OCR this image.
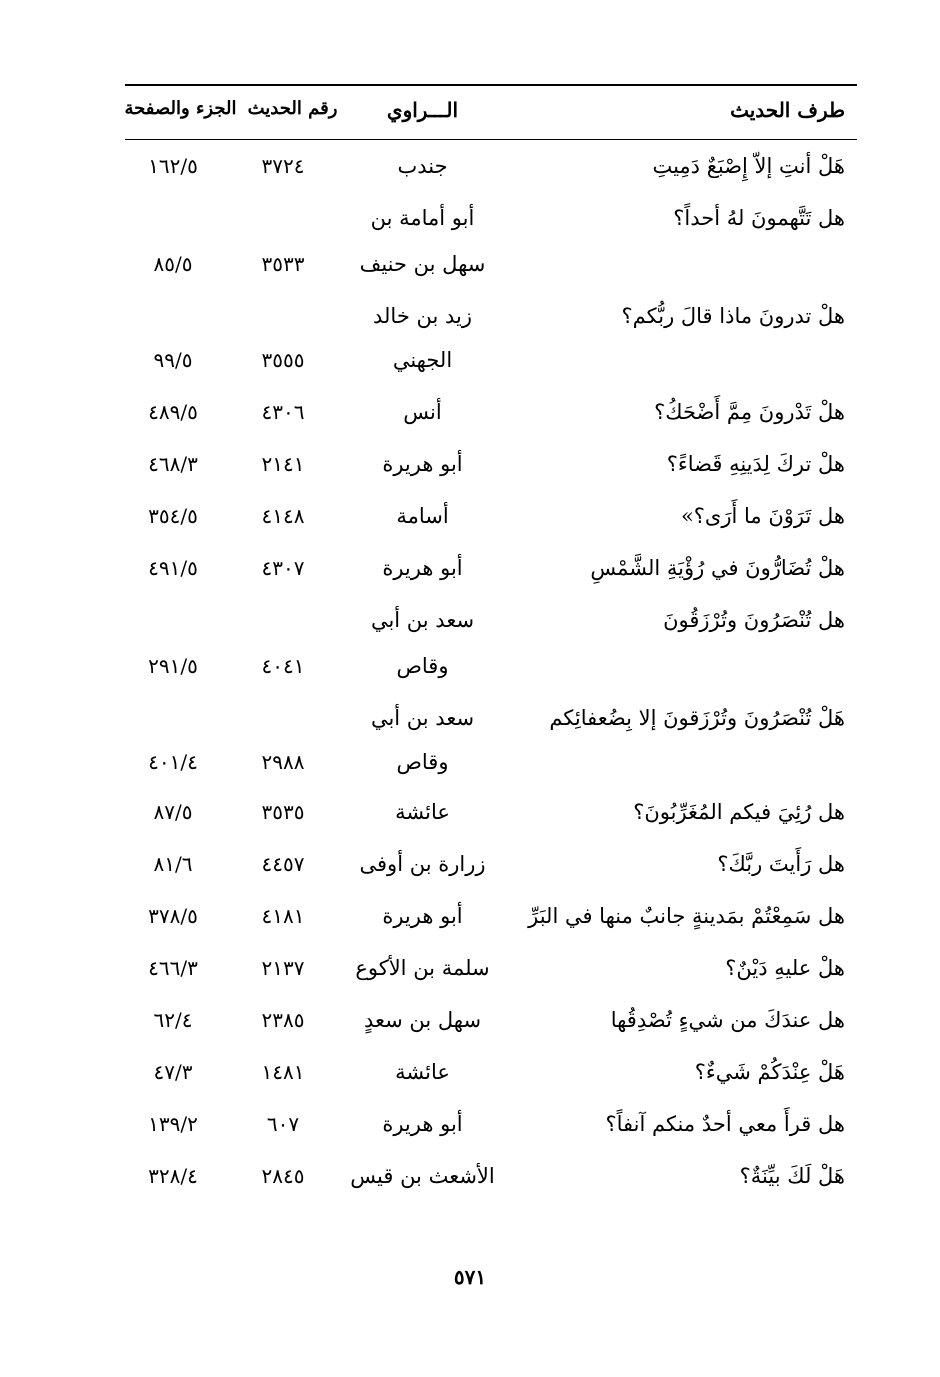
طرف الحديث
الـــراوي
رقم الحديث
الجزء والصفحة
هَلْ أنتِ إلاّ إِصْبَعٌ دَمِيتِ
جندب
٣٧٢٤
١٦٢/٥
هل تَتَّهمونَ لهُ أحداً؟
أبو أمامة بن
سهل بن حنيف
٣٥٣٣
٨٥/٥
هلْ تدرونَ ماذا قالَ ربُّكم؟
زيد بن خالد
الجهني
٣٥٥٥
٩٩/٥
هلْ تَدْرونَ مِمَّ أَضْحَكُ؟
أنس
٤٣٠٦
٤٨٩/٥
هلْ تركَ لِدَينِهِ قَضاءً؟
أبو هريرة
٢١٤١
٤٦٨/٣
هل تَرَوْنَ ما أَرَى؟»
أسامة
٤١٤٨
٣٥٤/٥
هلْ تُضَارُّونَ في رُؤْيَةِ الشَّمْسِ
أبو هريرة
٤٣٠٧
٤٩١/٥
هل تُنْصَرُونَ وتُرْزَقُونَ
سعد بن أبي
وقاص
٤٠٤١
٢٩١/٥
هَلْ تُنْصَرُونَ وتُرْزَقونَ إلا بِضُعفائِكم
سعد بن أبي
وقاص
٢٩٨٨
٤٠١/٤
هل رُئِيَ فيكم المُغَرِّبُونَ؟
عائشة
٣٥٣٥
٨٧/٥
هل رَأَيتَ ربَّكَ؟
زرارة بن أوفى
٤٤٥٧
٨١/٦
هل سَمِعْتُمْ بمَدينةٍ جانبٌ منها في البَرِّ
أبو هريرة
٤١٨١
٣٧٨/٥
هلْ عليهِ دَيْنٌ؟
سلمة بن الأكوع
٢١٣٧
٤٦٦/٣
هل عندَكَ من شيءٍ تُصْدِقُها
سهل بن سعدٍ
٢٣٨٥
٦٢/٤
هَلْ عِنْدَكُمْ شَيءٌ؟
عائشة
١٤٨١
٤٧/٣
هل قرأَ معي أحدٌ منكم آنفاً؟
أبو هريرة
٦٠٧
١٣٩/٢
هَلْ لَكَ بيِّنَةٌ؟
الأشعث بن قيس
٢٨٤٥
٣٢٨/٤
٥٧١
